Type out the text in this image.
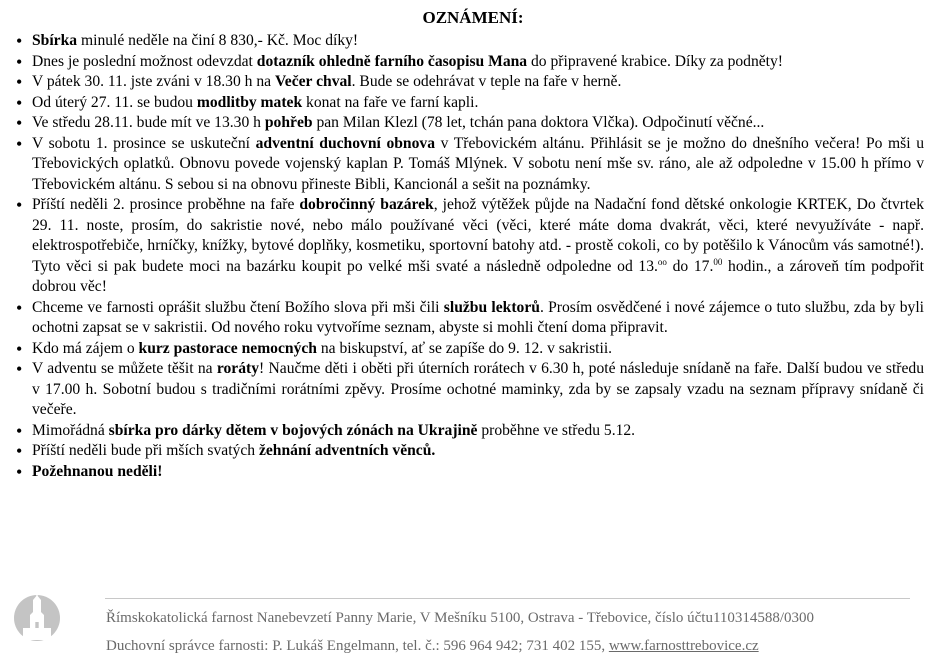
OZNÁMENÍ:
• Sbírka minulé neděle na činí 8 830,- Kč. Moc díky!
• Dnes je poslední možnost odevzdat dotazník ohledně farního časopisu Mana do připravené krabice. Díky za podněty!
• V pátek 30. 11. jste zváni v 18.30 h na Večer chval. Bude se odehrávat v teple na faře v herně.
• Od úterý 27. 11. se budou modlitby matek konat na faře ve farní kapli.
• Ve středu 28.11. bude mít ve 13.30 h pohřeb pan Milan Klezl (78 let, tchán pana doktora Vlčka). Odpočinutí věčné...
• V sobotu 1. prosince se uskuteční adventní duchovní obnova v Třebovickém altánu. Přihlásit se je možno do dnešního večera! Po mši u Třebovických oplatků. Obnovu povede vojenský kaplan P. Tomáš Mlýnek. V sobotu není mše sv. ráno, ale až odpoledne v 15.00 h přímo v Třebovickém altánu. S sebou si na obnovu přineste Bibli, Kancionál a sešit na poznámky.
• Příští neděli 2. prosince proběhne na faře dobročinný bazárek, jehož výtěžek půjde na Nadační fond dětské onkologie KRTEK, Do čtvrtek 29. 11. noste, prosím, do sakristie nové, nebo málo používané věci (věci, které máte doma dvakrát, věci, které nevyužíváte - např. elektrospotřebiče, hrníčky, knížky, bytové doplňky, kosmetiku, sportovní batohy atd. - prostě cokoli, co by potěšilo k Vánocům vás samotné!). Tyto věci si pak budete moci na bazárku koupit po velké mši svaté a následně odpoledne od 13.$^{oo}$ do 17.00 hodin., a zároveň tím podpořit dobrou věc!
• Chceme ve farnosti oprášit službu čtení Božího slova při mši čili službu lektorů. Prosím osvědčené i nové zájemce o tuto službu, zda by byli ochotni zapsat se v sakristii. Od nového roku vytvoříme seznam, abyste si mohli čtení doma připravit.
• Kdo má zájem o kurz pastorace nemocných na biskupství, ať se zapíše do 9. 12. v sakristii.
• V adventu se můžete těšit na roráty! Naučme děti i oběti při úterních rorátech v 6.30 h, poté následuje snídaně na faře. Další budou ve středu v 17.00 h. Sobotní budou s tradičními rorátními zpěvy. Prosíme ochotné maminky, zda by se zapsaly vzadu na seznam přípravy snídaně či večeře.
• Mimořádná sbírka pro dárky dětem v bojových zónách na Ukrajině proběhne ve středu 5.12.
• Příští neděli bude při mších svatých žehnání adventních věnců.
• Požehnanou neděli!
Římskokatolická farnost Nanebevzetí Panny Marie, V Mešníku 5100, Ostrava - Třebovice, číslo účtu110314588/0300
Duchovní správce farnosti: P. Lukáš Engelmann, tel. č.: 596 964 942; 731 402 155, www.farnosttrebovice.cz
